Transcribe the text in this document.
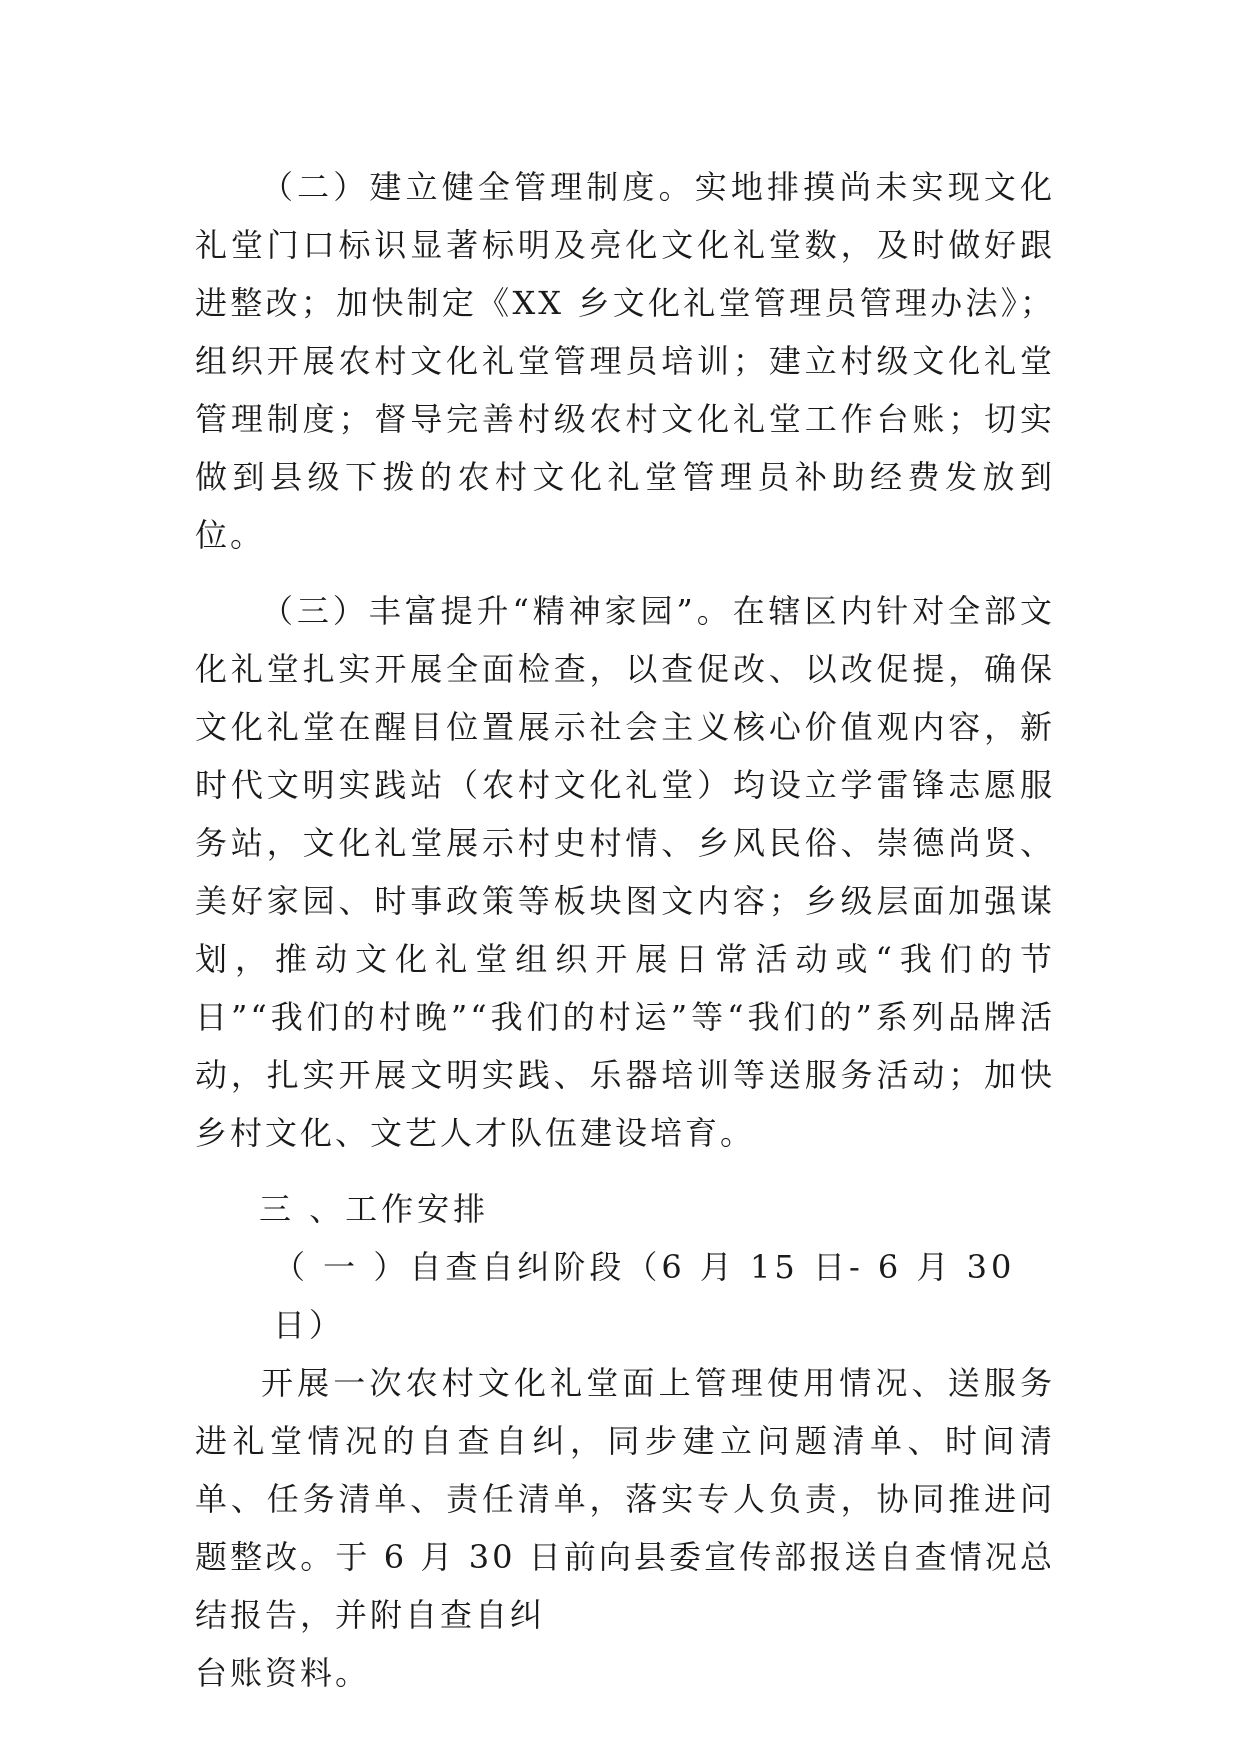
（二）建立健全管理制度。实地排摸尚未实现文化礼堂门口标识显著标明及亮化文化礼堂数，及时做好跟进整改；加快制定《XX 乡文化礼堂管理员管理办法》；组织开展农村文化礼堂管理员培训；建立村级文化礼堂管理制度；督导完善村级农村文化礼堂工作台账；切实做到县级下拨的农村文化礼堂管理员补助经费发放到位。

（三）丰富提升“精神家园”。在辖区内针对全部文化礼堂扎实开展全面检查，以查促改、以改促提，确保文化礼堂在醒目位置展示社会主义核心价值观内容，新时代文明实践站（农村文化礼堂）均设立学雷锋志愿服务站，文化礼堂展示村史村情、乡风民俗、崇德尚贤、美好家园、时事政策等板块图文内容；乡级层面加强谋划，推动文化礼堂组织开展日常活动或“我们的节日”“我们的村晚”“我们的村运”等“我们的”系列品牌活动，扎实开展文明实践、乐器培训等送服务活动；加快乡村文化、文艺人才队伍建设培育。

三 、工作安排

（ 一 ）自查自纠阶段（6 月 15 日- 6 月 30 日）

开展一次农村文化礼堂面上管理使用情况、送服务进礼堂情况的自查自纠，同步建立问题清单、时间清单、任务清单、责任清单，落实专人负责，协同推进问题整改。于 6 月 30 日前向县委宣传部报送自查情况总结报告，并附自查自纠

台账资料。
